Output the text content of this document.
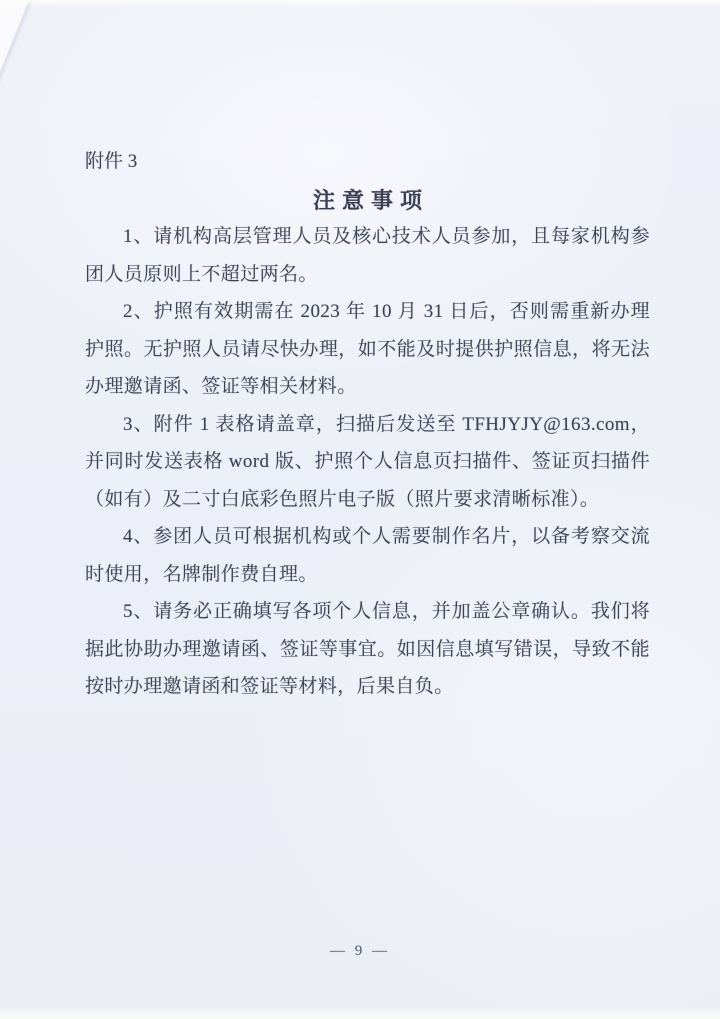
附件 3
注意事项

1、请机构高层管理人员及核心技术人员参加，且每家机构参团人员原则上不超过两名。

2、护照有效期需在 2023 年 10 月 31 日后，否则需重新办理护照。无护照人员请尽快办理，如不能及时提供护照信息，将无法办理邀请函、签证等相关材料。

3、附件 1 表格请盖章，扫描后发送至 TFHJYJY@163.com，并同时发送表格 word 版、护照个人信息页扫描件、签证页扫描件（如有）及二寸白底彩色照片电子版（照片要求清晰标准）。

4、参团人员可根据机构或个人需要制作名片，以备考察交流时使用，名牌制作费自理。

5、请务必正确填写各项个人信息，并加盖公章确认。我们将据此协助办理邀请函、签证等事宜。如因信息填写错误，导致不能按时办理邀请函和签证等材料，后果自负。

— 9 —
